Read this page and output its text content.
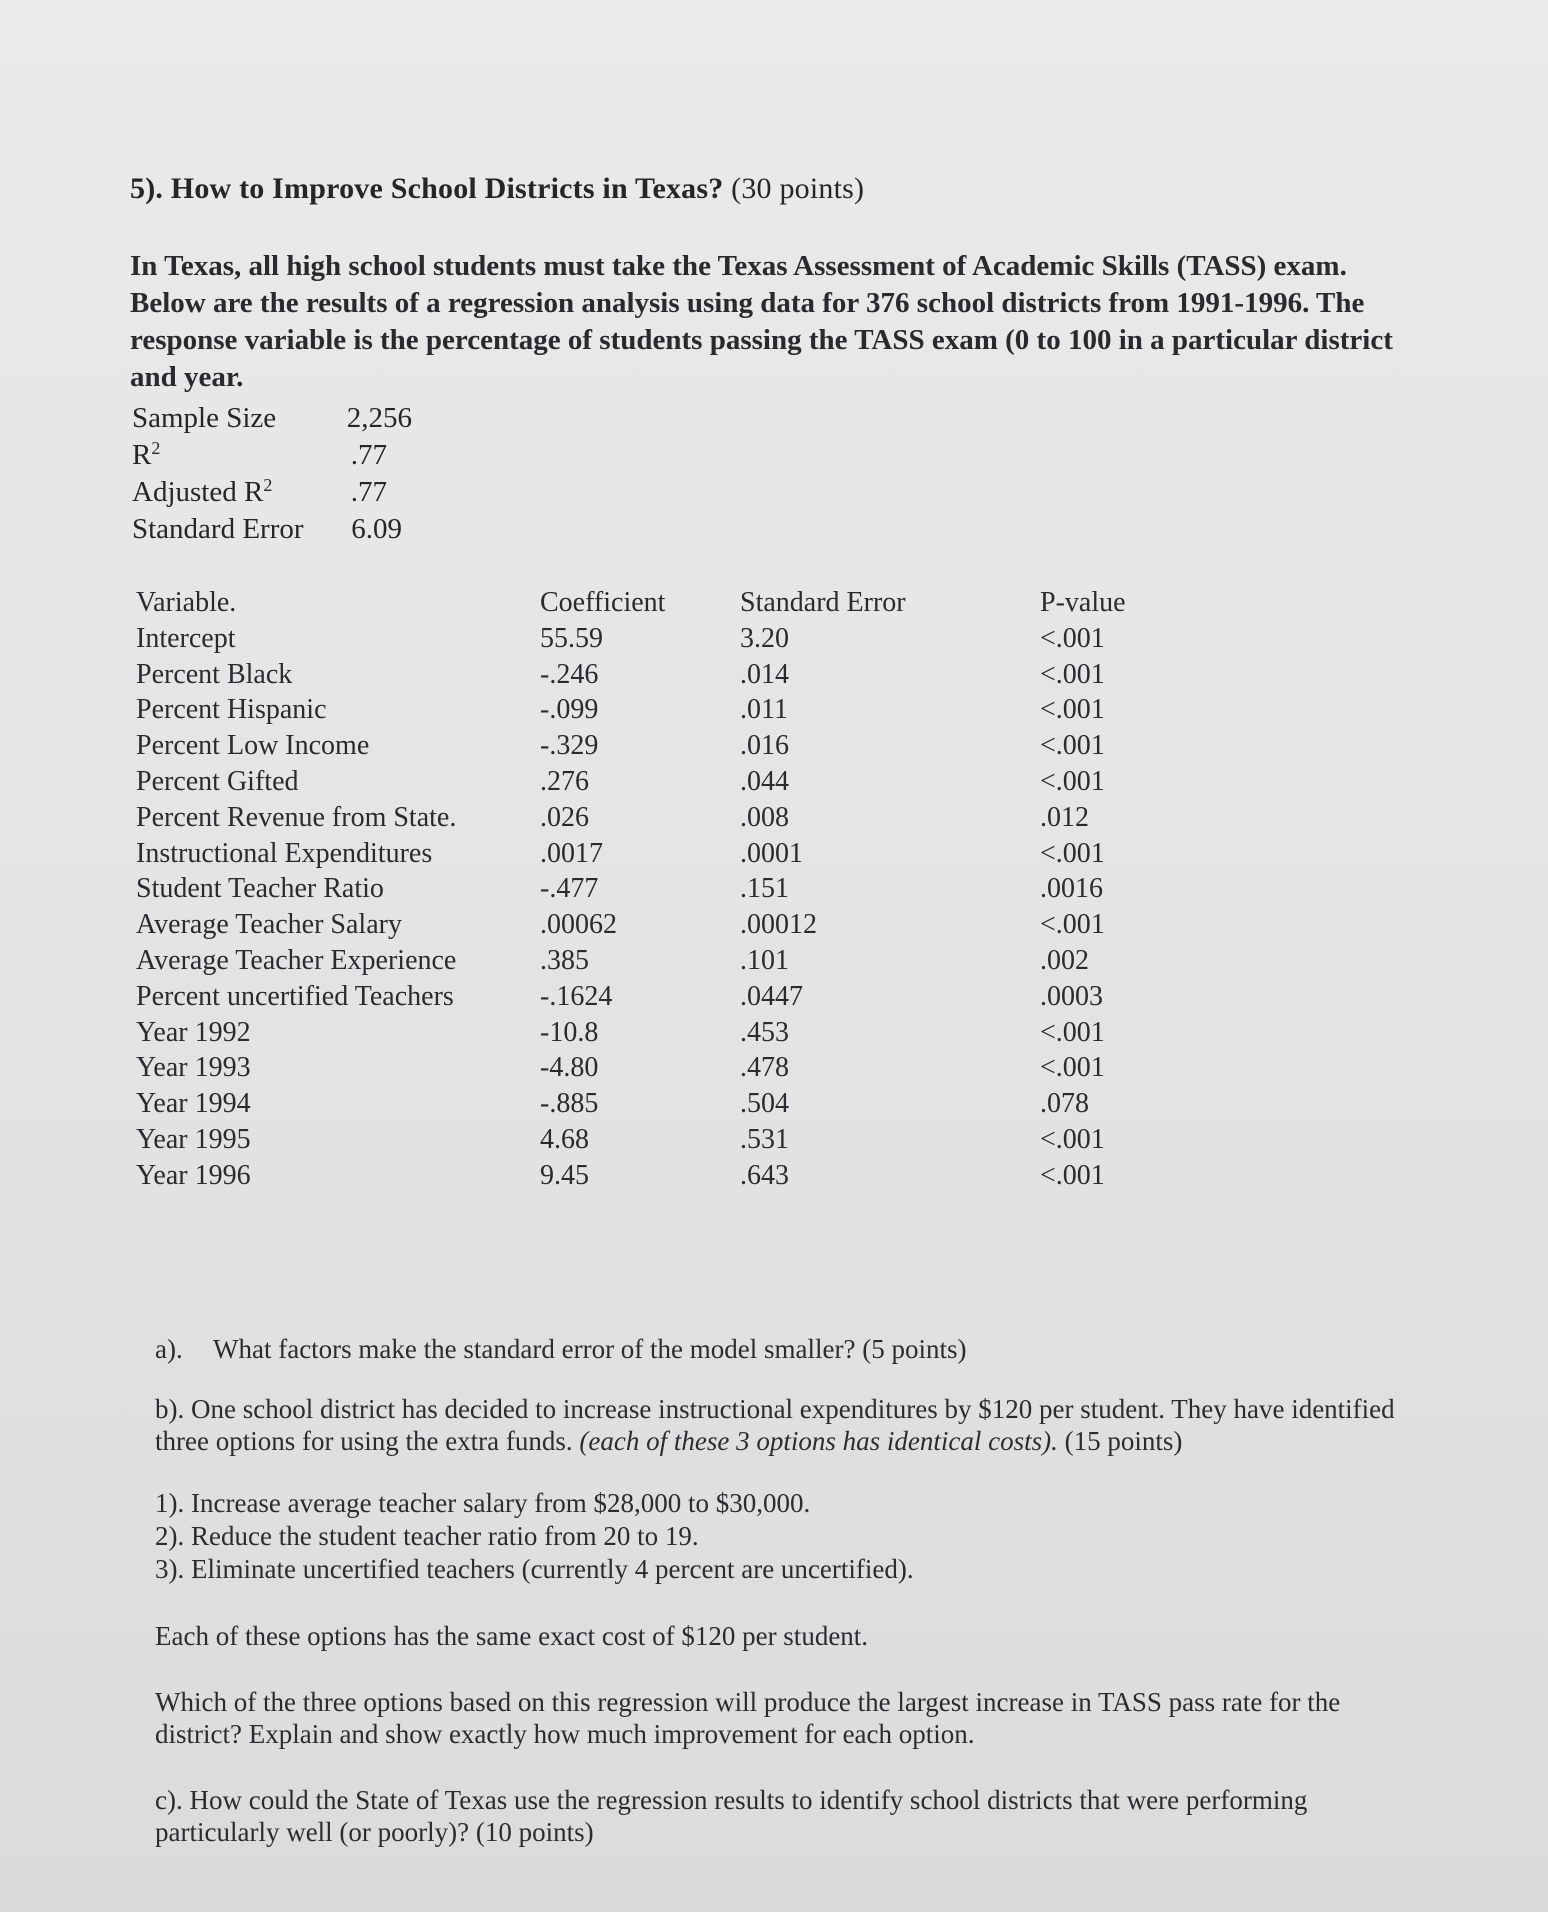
5). How to Improve School Districts in Texas? (30 points)
In Texas, all high school students must take the Texas Assessment of Academic Skills (TASS) exam. Below are the results of a regression analysis using data for 376 school districts from 1991-1996. The response variable is the percentage of students passing the TASS exam (0 to 100 in a particular district and year.
Sample Size	2,256
$R^2$	.77
Adjusted $R^2$	.77
Standard Error	6.09
Variable.	Coefficient	Standard Error	P-value
Intercept	55.59	3.20	<.001
Percent Black	-.246	.014	<.001
Percent Hispanic	-.099	.011	<.001
Percent Low Income	-.329	.016	<.001
Percent Gifted	.276	.044	<.001
Percent Revenue from State.	.026	.008	.012
Instructional Expenditures	.0017	.0001	<.001
Student Teacher Ratio	-.477	.151	.0016
Average Teacher Salary	.00062	.00012	<.001
Average Teacher Experience	.385	.101	.002
Percent uncertified Teachers	-.1624	.0447	.0003
Year 1992	-10.8	.453	<.001
Year 1993	-4.80	.478	<.001
Year 1994	-.885	.504	.078
Year 1995	4.68	.531	<.001
Year 1996	9.45	.643	<.001
a).	What factors make the standard error of the model smaller? (5 points)
b). One school district has decided to increase instructional expenditures by $120 per student. They have identified three options for using the extra funds. (each of these 3 options has identical costs). (15 points)
1). Increase average teacher salary from $28,000 to $30,000.
2). Reduce the student teacher ratio from 20 to 19.
3). Eliminate uncertified teachers (currently 4 percent are uncertified).
Each of these options has the same exact cost of $120 per student.
Which of the three options based on this regression will produce the largest increase in TASS pass rate for the district? Explain and show exactly how much improvement for each option.
c). How could the State of Texas use the regression results to identify school districts that were performing particularly well (or poorly)? (10 points)
